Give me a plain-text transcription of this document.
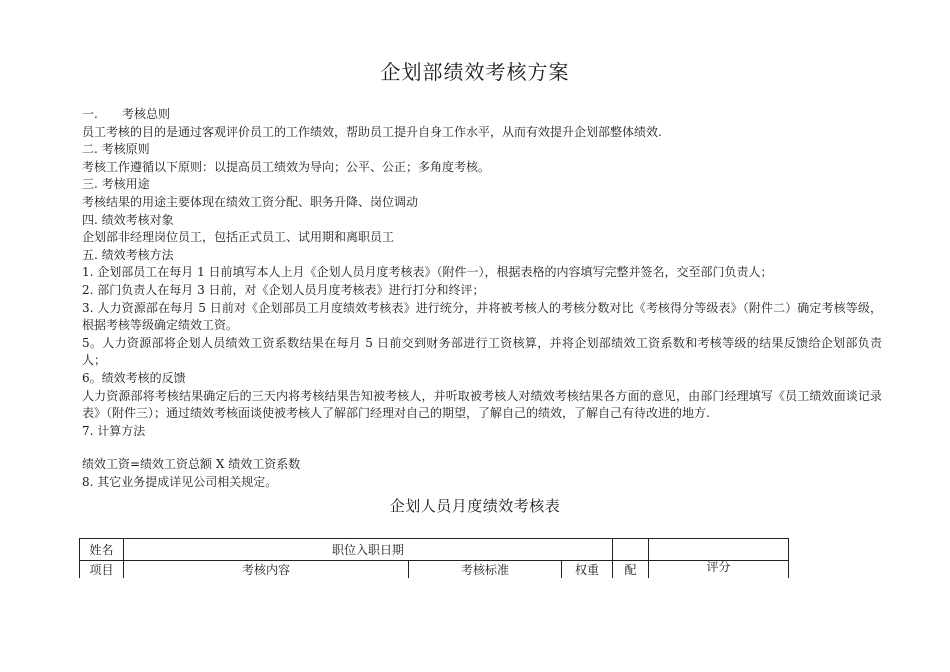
企划部绩效考核方案
一. 考核总则
员工考核的目的是通过客观评价员工的工作绩效，帮助员工提升自身工作水平，从而有效提升企划部整体绩效.
二. 考核原则
考核工作遵循以下原则：以提高员工绩效为导向；公平、公正；多角度考核。
三. 考核用途
考核结果的用途主要体现在绩效工资分配、职务升降、岗位调动
四. 绩效考核对象
企划部非经理岗位员工，包括正式员工、试用期和离职员工
五. 绩效考核方法
1. 企划部员工在每月 1 日前填写本人上月《企划人员月度考核表》（附件一），根据表格的内容填写完整并签名，交至部门负责人；
2. 部门负责人在每月 3 日前，对《企划人员月度考核表》进行打分和终评；
3. 人力资源部在每月 5 日前对《企划部员工月度绩效考核表》进行统分，并将被考核人的考核分数对比《考核得分等级表》（附件二）确定考核等级，根据考核等级确定绩效工资。
5。人力资源部将企划人员绩效工资系数结果在每月 5 日前交到财务部进行工资核算，并将企划部绩效工资系数和考核等级的结果反馈给企划部负责人；
6。绩效考核的反馈
人力资源部将考核结果确定后的三天内将考核结果告知被考核人，并听取被考核人对绩效考核结果各方面的意见，由部门经理填写《员工绩效面谈记录表》（附件三）；通过绩效考核面谈使被考核人了解部门经理对自己的期望，了解自己的绩效，了解自己有待改进的地方.
7. 计算方法
绩效工资=绩效工资总额 X 绩效工资系数
8. 其它业务提成详见公司相关规定。
企划人员月度绩效考核表
姓名	职位入职日期				
项目	考核内容	考核标准	权重	配	评分
